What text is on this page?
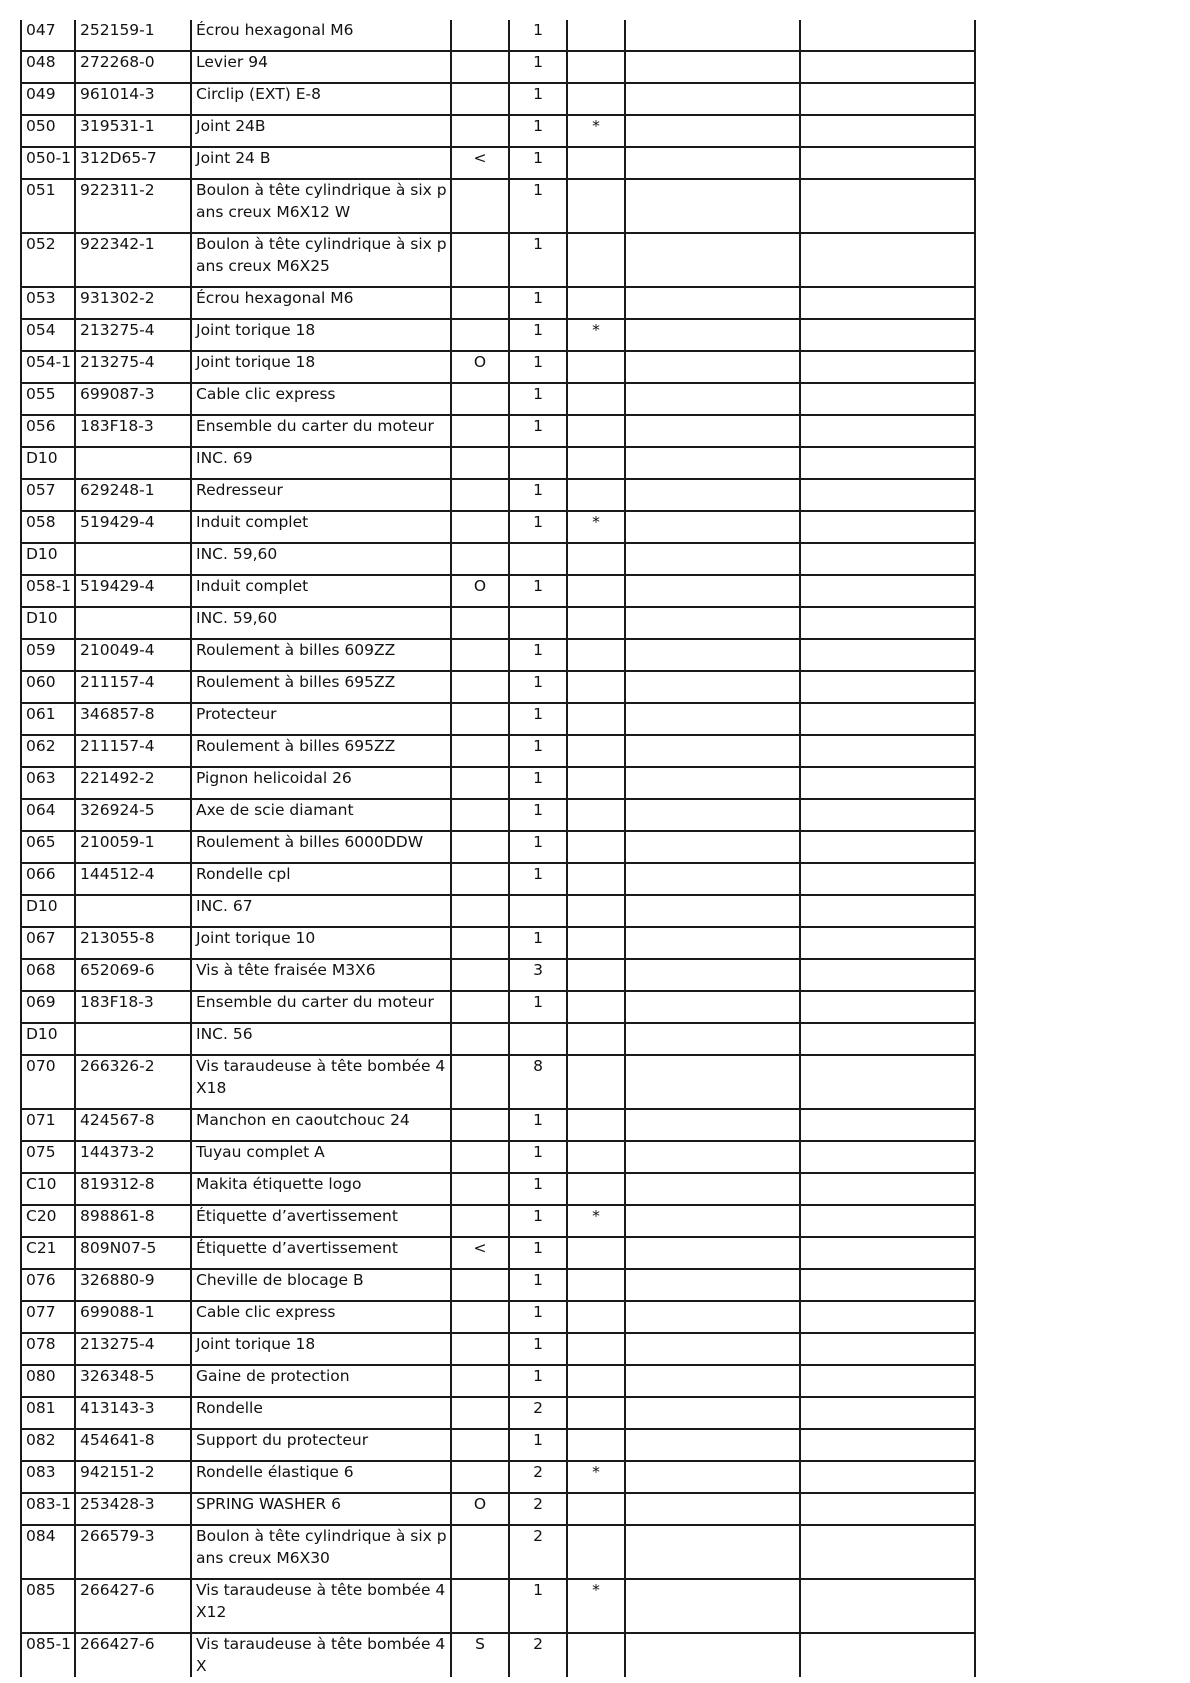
047	252159-1	Écrou hexagonal M6		1			
048	272268-0	Levier 94		1			
049	961014-3	Circlip (EXT) E-8		1			
050	319531-1	Joint 24B		1	*		
050-1	312D65-7	Joint 24 B	<	1			
051	922311-2	Boulon à tête cylindrique à six pans creux M6X12 W		1			
052	922342-1	Boulon à tête cylindrique à six pans creux M6X25		1			
053	931302-2	Écrou hexagonal M6		1			
054	213275-4	Joint torique 18		1	*		
054-1	213275-4	Joint torique 18	O	1			
055	699087-3	Cable clic express		1			
056	183F18-3	Ensemble du carter du moteur		1			
D10		INC. 69					
057	629248-1	Redresseur		1			
058	519429-4	Induit complet		1	*		
D10		INC. 59,60					
058-1	519429-4	Induit complet	O	1			
D10		INC. 59,60					
059	210049-4	Roulement à billes 609ZZ		1			
060	211157-4	Roulement à billes 695ZZ		1			
061	346857-8	Protecteur		1			
062	211157-4	Roulement à billes 695ZZ		1			
063	221492-2	Pignon helicoidal 26		1			
064	326924-5	Axe de scie diamant		1			
065	210059-1	Roulement à billes 6000DDW		1			
066	144512-4	Rondelle cpl		1			
D10		INC. 67					
067	213055-8	Joint torique 10		1			
068	652069-6	Vis à tête fraisée M3X6		3			
069	183F18-3	Ensemble du carter du moteur		1			
D10		INC. 56					
070	266326-2	Vis taraudeuse à tête bombée 4X18		8			
071	424567-8	Manchon en caoutchouc 24		1			
075	144373-2	Tuyau complet A		1			
C10	819312-8	Makita étiquette logo		1			
C20	898861-8	Étiquette d’avertissement		1	*		
C21	809N07-5	Étiquette d’avertissement	<	1			
076	326880-9	Cheville de blocage B		1			
077	699088-1	Cable clic express		1			
078	213275-4	Joint torique 18		1			
080	326348-5	Gaine de protection		1			
081	413143-3	Rondelle		2			
082	454641-8	Support du protecteur		1			
083	942151-2	Rondelle élastique 6		2	*		
083-1	253428-3	SPRING WASHER 6	O	2			
084	266579-3	Boulon à tête cylindrique à six pans creux M6X30		2			
085	266427-6	Vis taraudeuse à tête bombée 4X12		1	*		
085-1	266427-6	Vis taraudeuse à tête bombée 4X	S	2			
